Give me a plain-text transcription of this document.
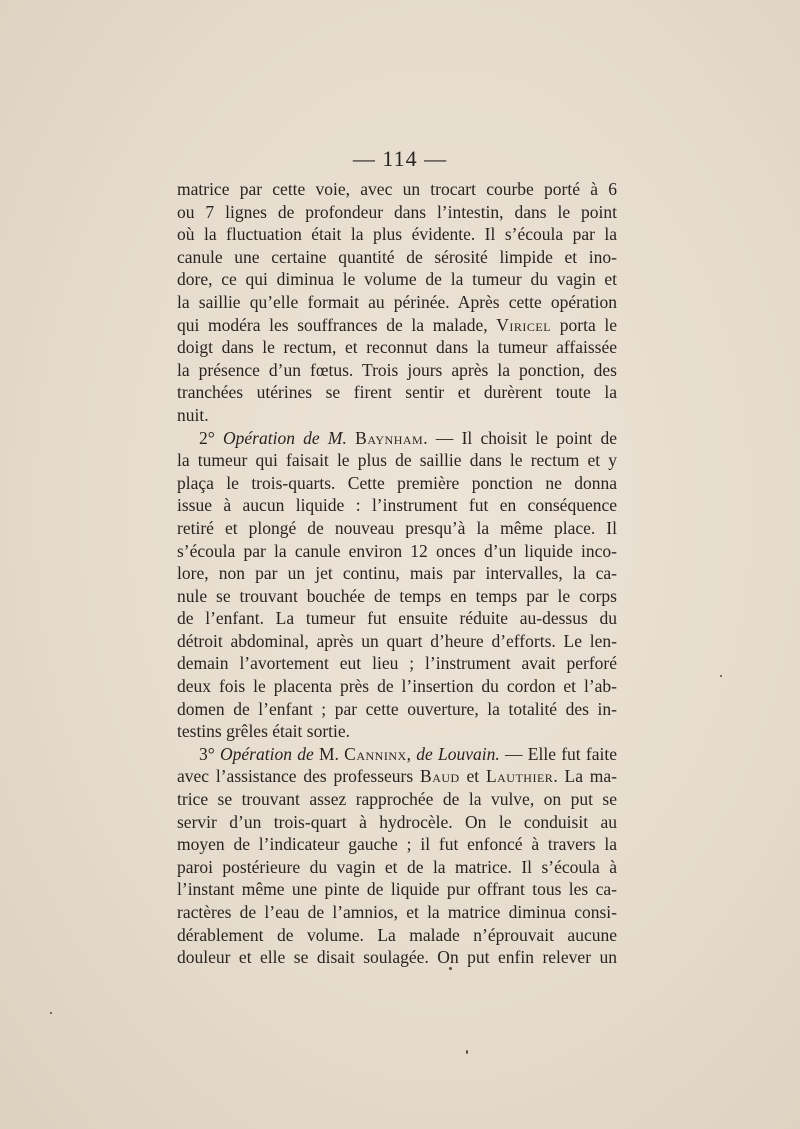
— 114 —
matrice par cette voie, avec un trocart courbe porté à 6
ou 7 lignes de profondeur dans l’intestin, dans le point
où la fluctuation était la plus évidente. Il s’écoula par la
canule une certaine quantité de sérosité limpide et ino-
dore, ce qui diminua le volume de la tumeur du vagin et
la saillie qu’elle formait au périnée. Après cette opération
qui modéra les souffrances de la malade, Viricel porta le
doigt dans le rectum, et reconnut dans la tumeur affaissée
la présence d’un fœtus. Trois jours après la ponction, des
tranchées utérines se firent sentir et durèrent toute la
nuit.
2° Opération de M. Baynham. — Il choisit le point de
la tumeur qui faisait le plus de saillie dans le rectum et y
plaça le trois-quarts. Cette première ponction ne donna
issue à aucun liquide : l’instrument fut en conséquence
retiré et plongé de nouveau presqu’à la même place. Il
s’écoula par la canule environ 12 onces d’un liquide inco-
lore, non par un jet continu, mais par intervalles, la ca-
nule se trouvant bouchée de temps en temps par le corps
de l’enfant. La tumeur fut ensuite réduite au-dessus du
détroit abdominal, après un quart d’heure d’efforts. Le len-
demain l’avortement eut lieu ; l’instrument avait perforé
deux fois le placenta près de l’insertion du cordon et l’ab-
domen de l’enfant ; par cette ouverture, la totalité des in-
testins grêles était sortie.
3° Opération de M. Canninx, de Louvain. — Elle fut faite
avec l’assistance des professeurs Baud et Lauthier. La ma-
trice se trouvant assez rapprochée de la vulve, on put se
servir d’un trois-quart à hydrocèle. On le conduisit au
moyen de l’indicateur gauche ; il fut enfoncé à travers la
paroi postérieure du vagin et de la matrice. Il s’écoula à
l’instant même une pinte de liquide pur offrant tous les ca-
ractères de l’eau de l’amnios, et la matrice diminua consi-
dérablement de volume. La malade n’éprouvait aucune
douleur et elle se disait soulagée. On put enfin relever un
